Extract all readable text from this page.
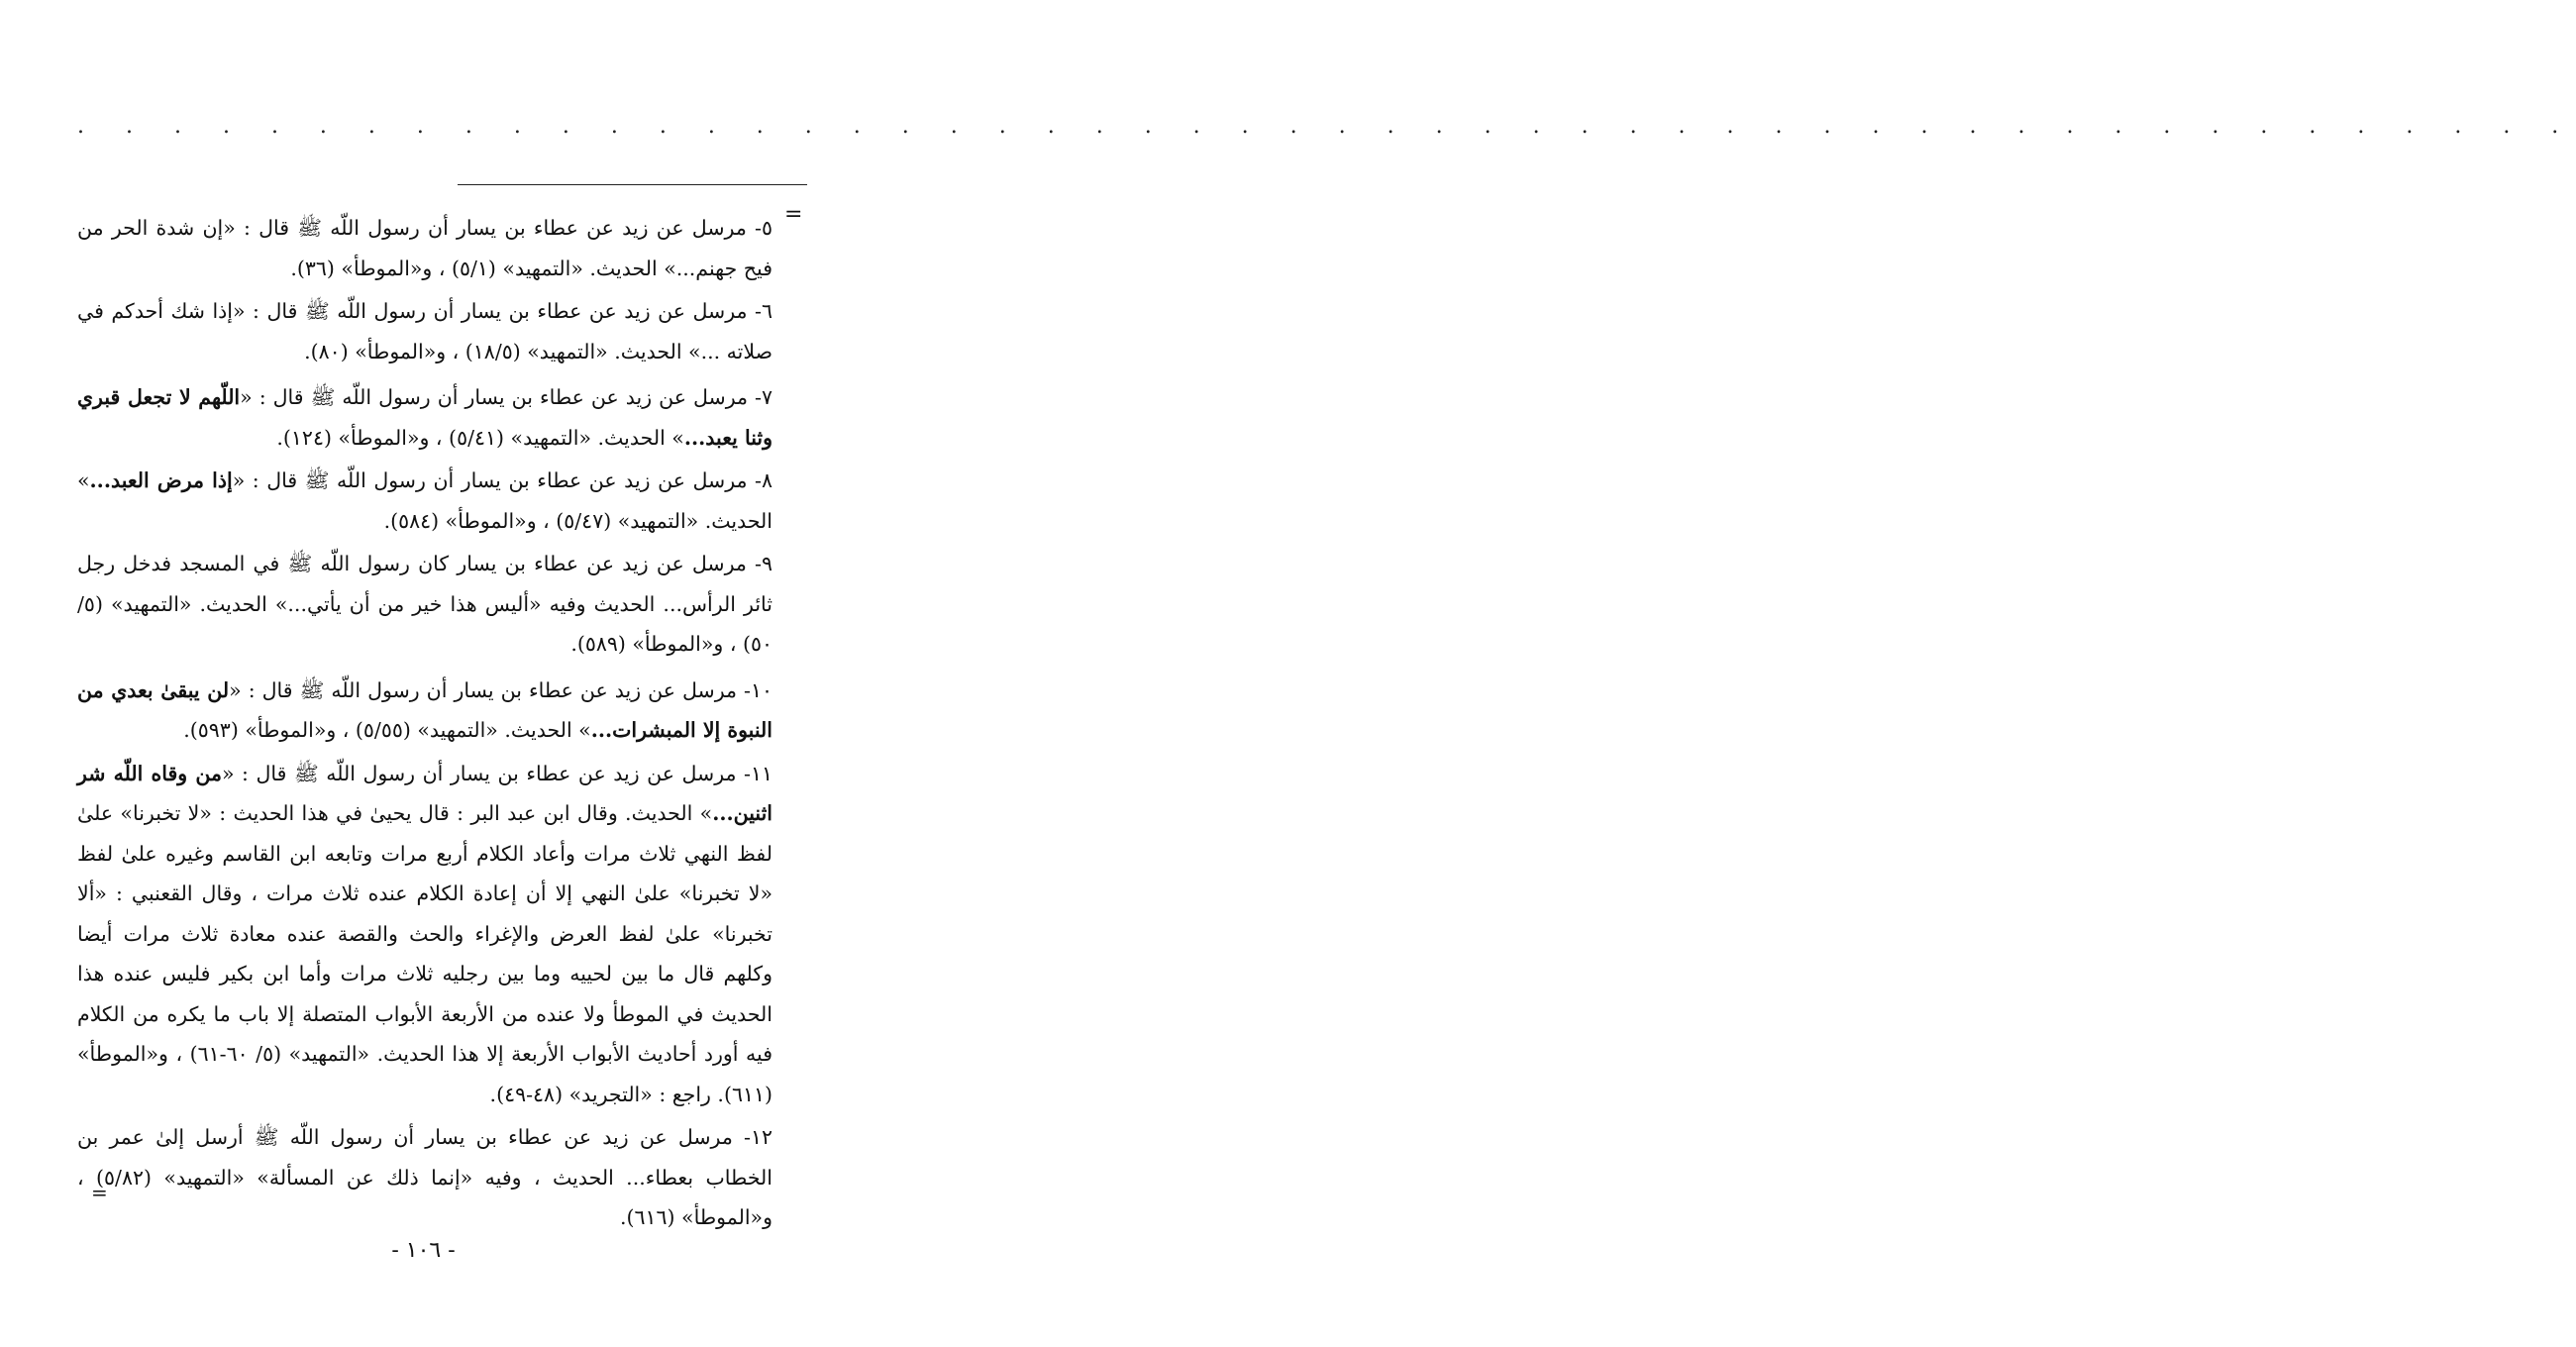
. . . . . . . . . . . . . . . . . . . . . . . . . . . . . . . . . . . . . . . . . . . . . . . . . . . .
=

٥- مرسل عن زيد عن عطاء بن يسار أن رسول اللّه ﷺ قال : «إن شدة الحر من فيح جهنم...» الحديث. «التمهيد» (٥/١) ، و«الموطأ» (٣٦).

٦- مرسل عن زيد عن عطاء بن يسار أن رسول اللّه ﷺ قال : «إذا شك أحدكم في صلاته ...» الحديث. «التمهيد» (١٨/٥) ، و«الموطأ» (٨٠).

٧- مرسل عن زيد عن عطاء بن يسار أن رسول اللّه ﷺ قال : «اللّهم لا تجعل قبري وثنا يعبد...» الحديث. «التمهيد» (٥/٤١) ، و«الموطأ» (١٢٤).

٨- مرسل عن زيد عن عطاء بن يسار أن رسول اللّه ﷺ قال : «إذا مرض العبد...» الحديث. «التمهيد» (٥/٤٧) ، و«الموطأ» (٥٨٤).

٩- مرسل عن زيد عن عطاء بن يسار كان رسول اللّه ﷺ في المسجد فدخل رجل ثائر الرأس... الحديث وفيه «أليس هذا خير من أن يأتي...» الحديث. «التمهيد» (٥/ ٥٠) ، و«الموطأ» (٥٨٩).

١٠- مرسل عن زيد عن عطاء بن يسار أن رسول اللّه ﷺ قال : «لن يبقىٰ بعدي من النبوة إلا المبشرات...» الحديث. «التمهيد» (٥/٥٥) ، و«الموطأ» (٥٩٣).

١١- مرسل عن زيد عن عطاء بن يسار أن رسول اللّه ﷺ قال : «من وقاه اللّه شر اثنين...» الحديث. وقال ابن عبد البر : قال يحيىٰ في هذا الحديث : «لا تخبرنا» علىٰ لفظ النهي ثلاث مرات وأعاد الكلام أربع مرات وتابعه ابن القاسم وغيره علىٰ لفظ «لا تخبرنا» علىٰ النهي إلا أن إعادة الكلام عنده ثلاث مرات ، وقال القعنبي : «ألا تخبرنا» علىٰ لفظ العرض والإغراء والحث والقصة عنده معادة ثلاث مرات أيضا وكلهم قال ما بين لحييه وما بين رجليه ثلاث مرات وأما ابن بكير فليس عنده هذا الحديث في الموطأ ولا عنده من الأربعة الأبواب المتصلة إلا باب ما يكره من الكلام فيه أورد أحاديث الأبواب الأربعة إلا هذا الحديث. «التمهيد» (٥/ ٦٠-٦١) ، و«الموطأ» (٦١١). راجع : «التجريد» (٤٨-٤٩).

١٢- مرسل عن زيد عن عطاء بن يسار أن رسول اللّه ﷺ أرسل إلىٰ عمر بن الخطاب بعطاء... الحديث ، وفيه «إنما ذلك عن المسألة» «التمهيد» (٥/٨٢) ، و«الموطأ» (٦١٦).

=
- ١٠٦ -
